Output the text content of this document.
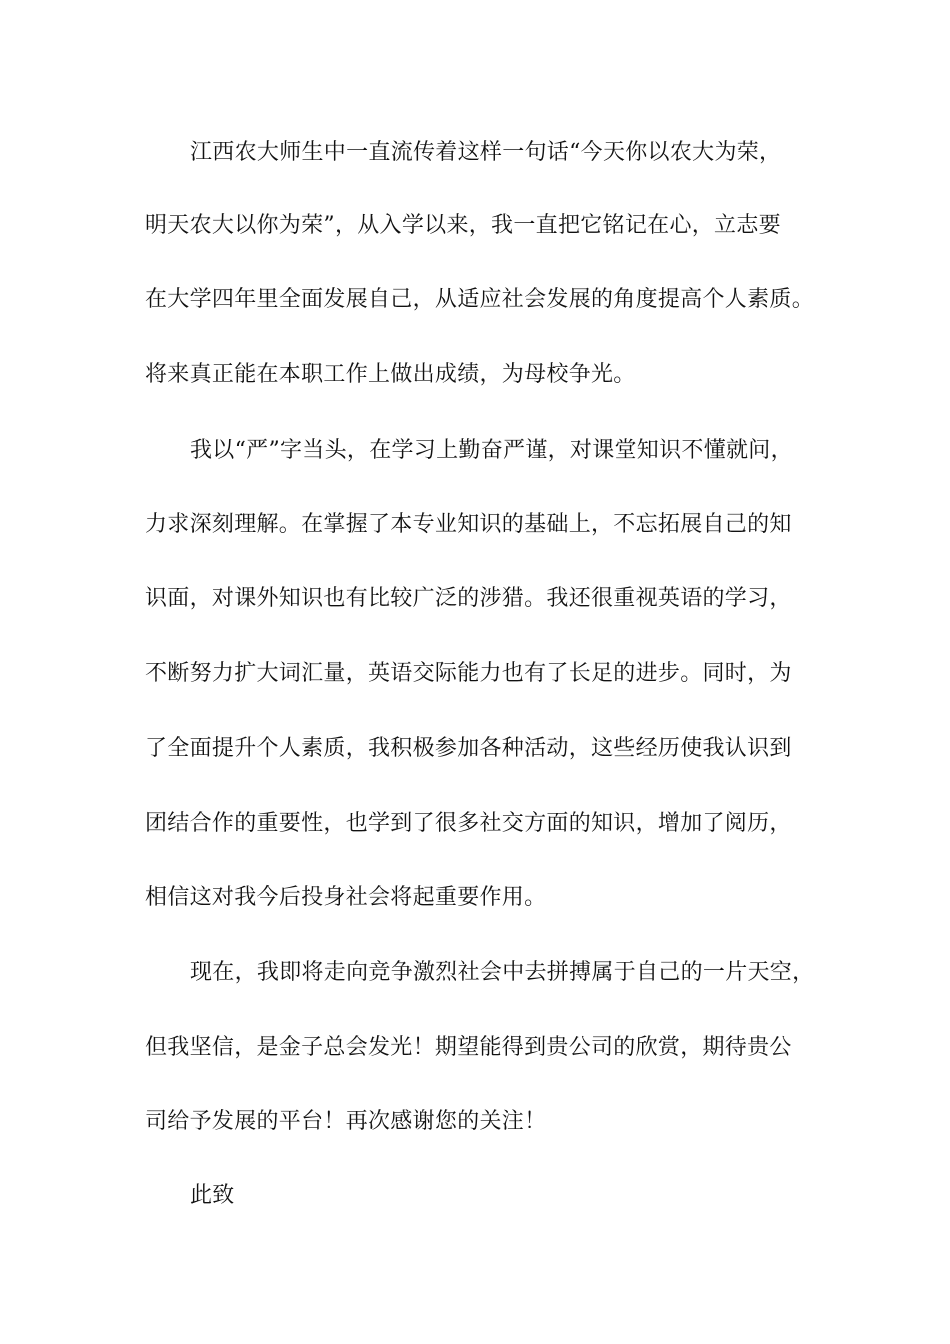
江西农大师生中一直流传着这样一句话“今天你以农大为荣，
明天农大以你为荣”，从入学以来，我一直把它铭记在心，立志要
在大学四年里全面发展自己，从适应社会发展的角度提高个人素质。
将来真正能在本职工作上做出成绩，为母校争光。
我以“严”字当头，在学习上勤奋严谨，对课堂知识不懂就问，
力求深刻理解。在掌握了本专业知识的基础上，不忘拓展自己的知
识面，对课外知识也有比较广泛的涉猎。我还很重视英语的学习，
不断努力扩大词汇量，英语交际能力也有了长足的进步。同时，为
了全面提升个人素质，我积极参加各种活动，这些经历使我认识到
团结合作的重要性，也学到了很多社交方面的知识，增加了阅历，
相信这对我今后投身社会将起重要作用。
现在，我即将走向竞争激烈社会中去拼搏属于自己的一片天空，
但我坚信，是金子总会发光！期望能得到贵公司的欣赏，期待贵公
司给予发展的平台！再次感谢您的关注！
此致
